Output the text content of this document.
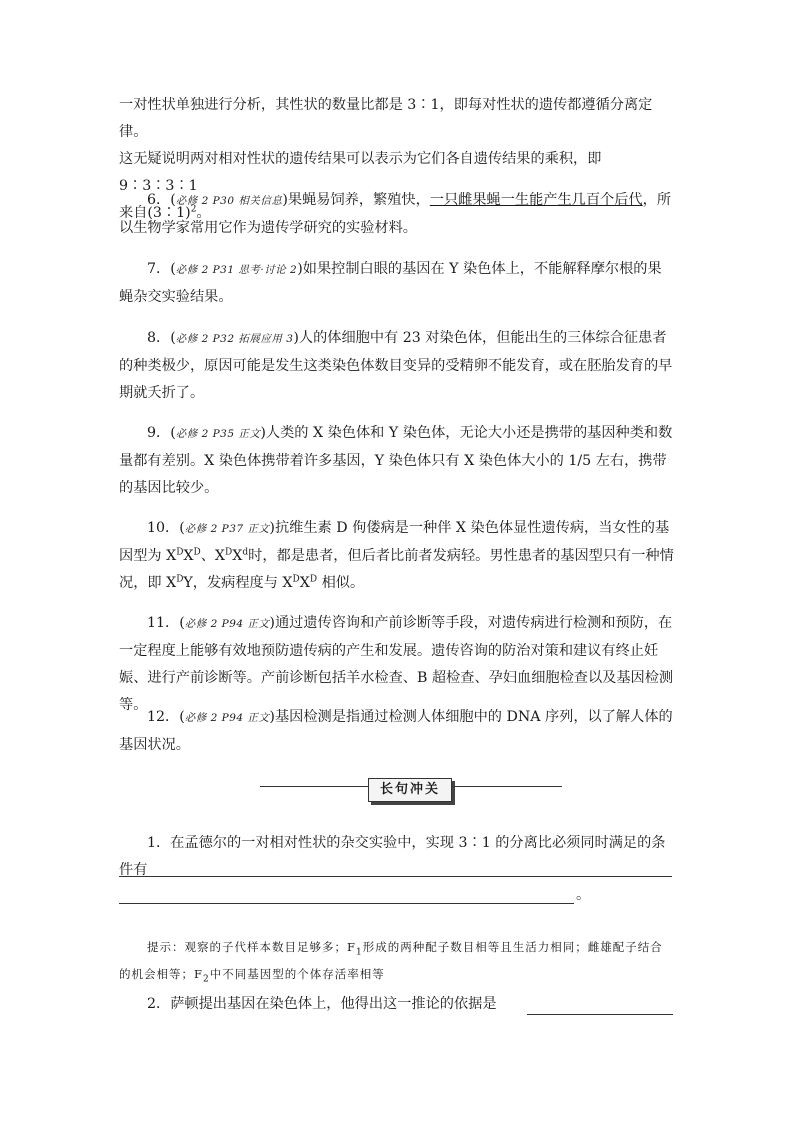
一对性状单独进行分析，其性状的数量比都是 3∶1，即每对性状的遗传都遵循分离定律。
这无疑说明两对相对性状的遗传结果可以表示为它们各自遗传结果的乘积，即 9∶3∶3∶1
来自(3∶1)$^2$。

6．(必修 2 P30 相关信息)果蝇易饲养，繁殖快，一只雌果蝇一生能产生几百个后代，所以生物学家常用它作为遗传学研究的实验材料。

7．(必修 2 P31 思考·讨论 2)如果控制白眼的基因在 Y 染色体上，不能解释摩尔根的果蝇杂交实验结果。

8．(必修 2 P32 拓展应用 3)人的体细胞中有 23 对染色体，但能出生的三体综合征患者的种类极少，原因可能是发生这类染色体数目变异的受精卵不能发育，或在胚胎发育的早期就夭折了。

9．(必修 2 P35 正文)人类的 X 染色体和 Y 染色体，无论大小还是携带的基因种类和数量都有差别。X 染色体携带着许多基因，Y 染色体只有 X 染色体大小的 1/5 左右，携带的基因比较少。

10．(必修 2 P37 正文)抗维生素 D 佝偻病是一种伴 X 染色体显性遗传病，当女性的基因型为 $X^DX^D$、$X^DX^d$时，都是患者，但后者比前者发病轻。男性患者的基因型只有一种情况，即 $X^DY$，发病程度与 $X^DX^D$ 相似。

11．(必修 2 P94 正文)通过遗传咨询和产前诊断等手段，对遗传病进行检测和预防，在一定程度上能够有效地预防遗传病的产生和发展。遗传咨询的防治对策和建议有终止妊娠、进行产前诊断等。产前诊断包括羊水检查、B 超检查、孕妇血细胞检查以及基因检测等。

12．(必修 2 P94 正文)基因检测是指通过检测人体细胞中的 DNA 序列，以了解人体的基因状况。

长句冲关

1．在孟德尔的一对相对性状的杂交实验中，实现 3∶1 的分离比必须同时满足的条件有

。

提示：观察的子代样本数目足够多；$F_1$形成的两种配子数目相等且生活力相同；雌雄配子结合的机会相等；$F_2$中不同基因型的个体存活率相等

2．萨顿提出基因在染色体上，他得出这一推论的依据是
